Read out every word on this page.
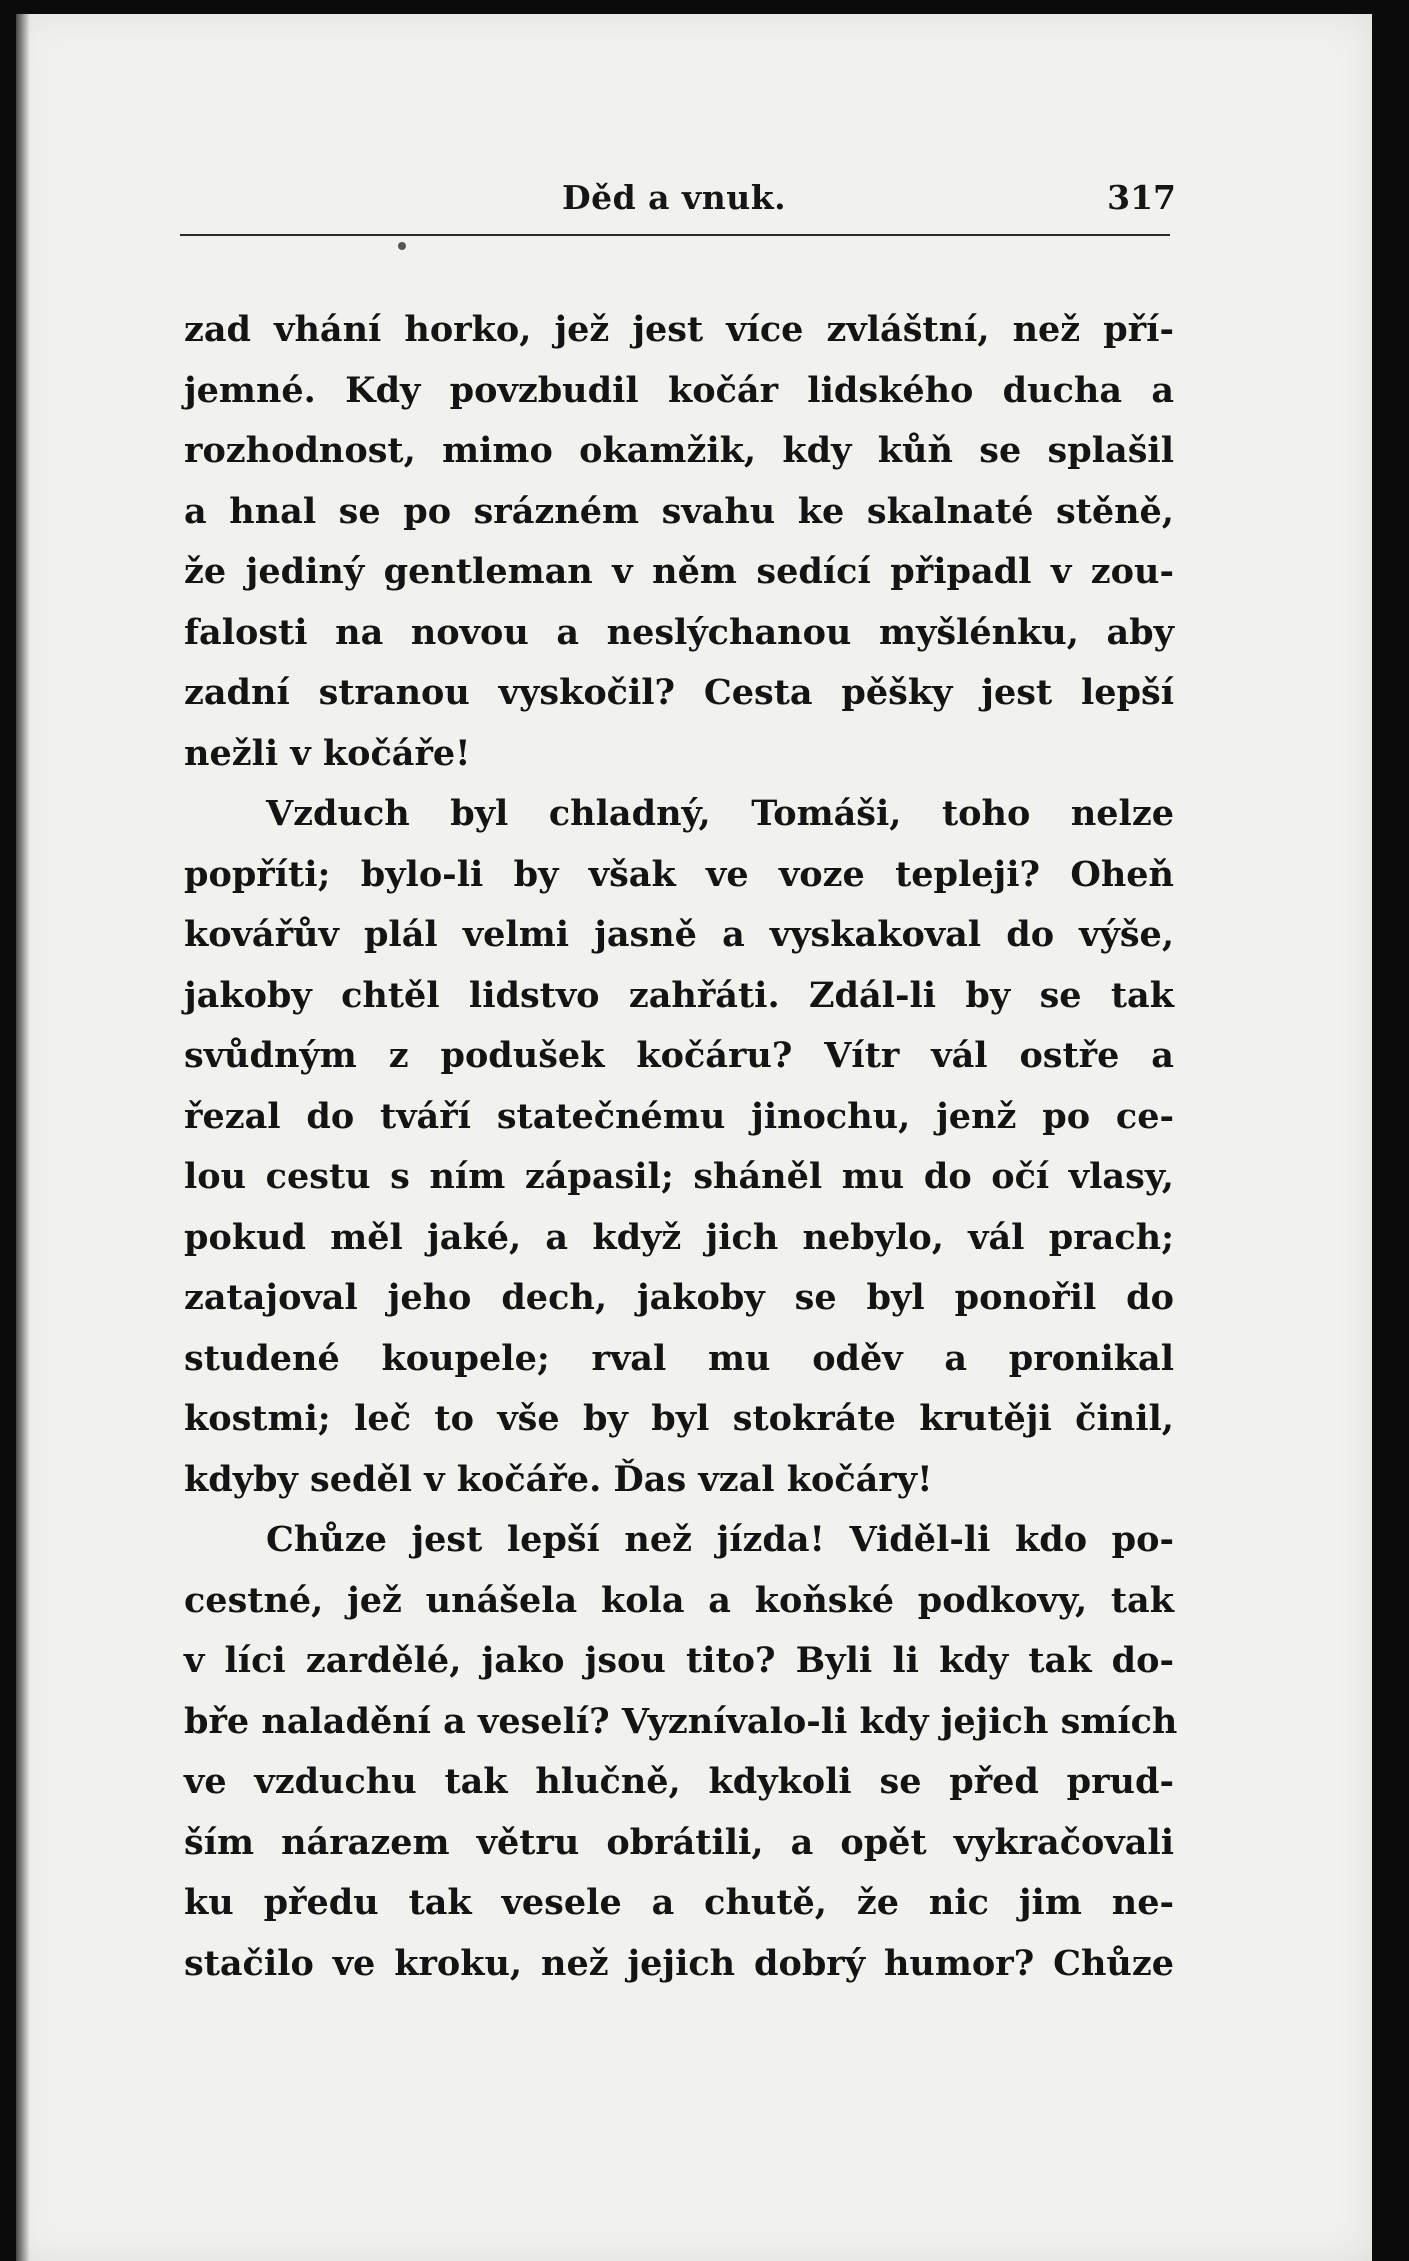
Děd a vnuk.	317
zad vhání horko, jež jest více zvláštní, než pří-
jemné. Kdy povzbudil kočár lidského ducha a
rozhodnost, mimo okamžik, kdy kůň se splašil
a hnal se po srázném svahu ke skalnaté stěně,
že jediný gentleman v něm sedící připadl v zou-
falosti na novou a neslýchanou myšlénku, aby
zadní stranou vyskočil? Cesta pěšky jest lepší
nežli v kočáře!
Vzduch byl chladný, Tomáši, toho nelze
popříti; bylo-li by však ve voze tepleji? Oheň
kovářův plál velmi jasně a vyskakoval do výše,
jakoby chtěl lidstvo zahřáti. Zdál-li by se tak
svůdným z podušek kočáru? Vítr vál ostře a
řezal do tváří statečnému jinochu, jenž po ce-
lou cestu s ním zápasil; sháněl mu do očí vlasy,
pokud měl jaké, a když jich nebylo, vál prach;
zatajoval jeho dech, jakoby se byl ponořil do
studené koupele; rval mu oděv a pronikal
kostmi; leč to vše by byl stokráte krutěji činil,
kdyby seděl v kočáře. Ďas vzal kočáry!
Chůze jest lepší než jízda! Viděl-li kdo po-
cestné, jež unášela kola a koňské podkovy, tak
v líci zardělé, jako jsou tito? Byli li kdy tak do-
bře naladění a veselí? Vyznívalo-li kdy jejich smích
ve vzduchu tak hlučně, kdykoli se před prud-
ším nárazem větru obrátili, a opět vykračovali
ku předu tak vesele a chutě, že nic jim ne-
stačilo ve kroku, než jejich dobrý humor? Chůze
